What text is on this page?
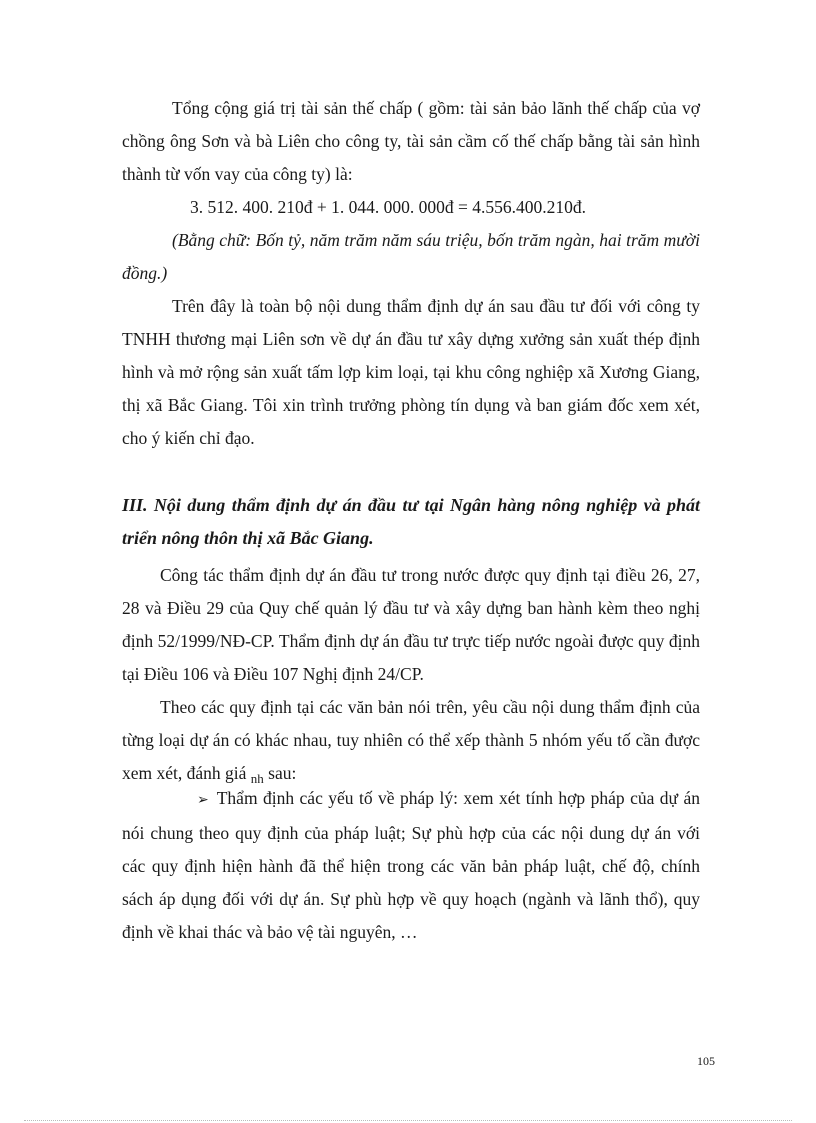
Tổng cộng giá trị tài sản thế chấp ( gồm: tài sản bảo lãnh thế chấp của vợ chồng ông Sơn và bà Liên cho công ty, tài sản cầm cố thế chấp bằng tài sản hình thành từ vốn vay của công ty) là:

3. 512. 400. 210đ + 1. 044. 000. 000đ = 4.556.400.210đ.

(Bằng chữ: Bốn tỷ, năm trăm năm sáu triệu, bốn trăm ngàn, hai trăm mười đồng.)

Trên đây là toàn bộ nội dung thẩm định dự án sau đầu tư đối với công ty TNHH thương mại Liên sơn về dự án đầu tư xây dựng xưởng sản xuất thép định hình và mở rộng sản xuất tấm lợp kim loại, tại khu công nghiệp xã Xương Giang, thị xã Bắc Giang. Tôi xin trình trưởng phòng tín dụng và ban giám đốc xem xét, cho ý kiến chỉ đạo.

III. Nội dung thẩm định dự án đầu tư tại Ngân hàng nông nghiệp và phát triển nông thôn thị xã Bắc Giang.

Công tác thẩm định dự án đầu tư trong nước được quy định tại điều 26, 27, 28 và Điều 29 của Quy chế quản lý đầu tư và xây dựng ban hành kèm theo nghị định 52/1999/NĐ-CP. Thẩm định dự án đầu tư trực tiếp nước ngoài được quy định tại Điều 106 và Điều 107 Nghị định 24/CP.

Theo các quy định tại các văn bản nói trên, yêu cầu nội dung thẩm định của từng loại dự án có khác nhau, tuy nhiên có thể xếp thành 5 nhóm yếu tố cần được xem xét, đánh giá $_{nh}$ sau:

➢ Thẩm định các yếu tố về pháp lý: xem xét tính hợp pháp của dự án nói chung theo quy định của pháp luật; Sự phù hợp của các nội dung dự án với các quy định hiện hành đã thể hiện trong các văn bản pháp luật, chế độ, chính sách áp dụng đối với dự án. Sự phù hợp về quy hoạch (ngành và lãnh thổ), quy định về khai thác và bảo vệ tài nguyên, …

105
